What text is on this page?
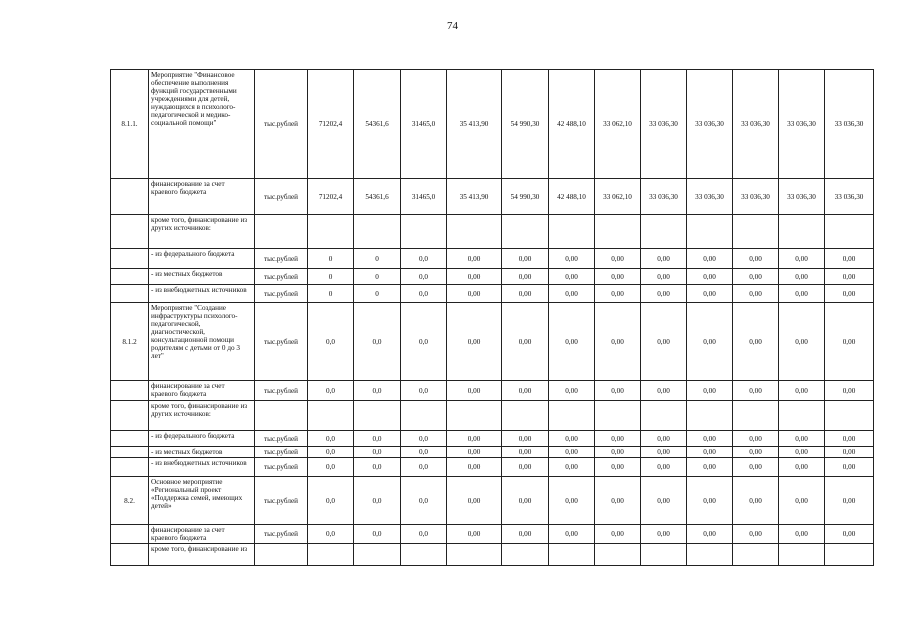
74
8.1.1.	Мероприятие "Финансовое обеспечение выполнения функций государственными учреждениями для детей, нуждающихся в психолого-педагогической и медико-социальной помощи"	тыс.рублей	71202,4	54361,6	31465,0	35 413,90	54 990,30	42 488,10	33 062,10	33 036,30	33 036,30	33 036,30	33 036,30	33 036,30
	финансирование за счет краевого бюджета	тыс.рублей	71202,4	54361,6	31465,0	35 413,90	54 990,30	42 488,10	33 062,10	33 036,30	33 036,30	33 036,30	33 036,30	33 036,30
	кроме того, финансирование из других источников:													
	- из федерального бюджета	тыс.рублей	0	0	0,0	0,00	0,00	0,00	0,00	0,00	0,00	0,00	0,00	0,00
	- из местных бюджетов	тыс.рублей	0	0	0,0	0,00	0,00	0,00	0,00	0,00	0,00	0,00	0,00	0,00
	- из внебюджетных источников	тыс.рублей	0	0	0,0	0,00	0,00	0,00	0,00	0,00	0,00	0,00	0,00	0,00
8.1.2	Мероприятие "Создание инфраструктуры психолого-педагогической, диагностической, консультационной помощи родителям с детьми от 0 до 3 лет"	тыс.рублей	0,0	0,0	0,0	0,00	0,00	0,00	0,00	0,00	0,00	0,00	0,00	0,00
	финансирование за счет краевого бюджета	тыс.рублей	0,0	0,0	0,0	0,00	0,00	0,00	0,00	0,00	0,00	0,00	0,00	0,00
	кроме того, финансирование из других источников:													
	- из федерального бюджета	тыс.рублей	0,0	0,0	0,0	0,00	0,00	0,00	0,00	0,00	0,00	0,00	0,00	0,00
	- из местных бюджетов	тыс.рублей	0,0	0,0	0,0	0,00	0,00	0,00	0,00	0,00	0,00	0,00	0,00	0,00
	- из внебюджетных источников	тыс.рублей	0,0	0,0	0,0	0,00	0,00	0,00	0,00	0,00	0,00	0,00	0,00	0,00
8.2.	Основное мероприятие «Региональный проект «Поддержка семей, имеющих детей»	тыс.рублей	0,0	0,0	0,0	0,00	0,00	0,00	0,00	0,00	0,00	0,00	0,00	0,00
	финансирование за счет краевого бюджета	тыс.рублей	0,0	0,0	0,0	0,00	0,00	0,00	0,00	0,00	0,00	0,00	0,00	0,00
	кроме того, финансирование из													
